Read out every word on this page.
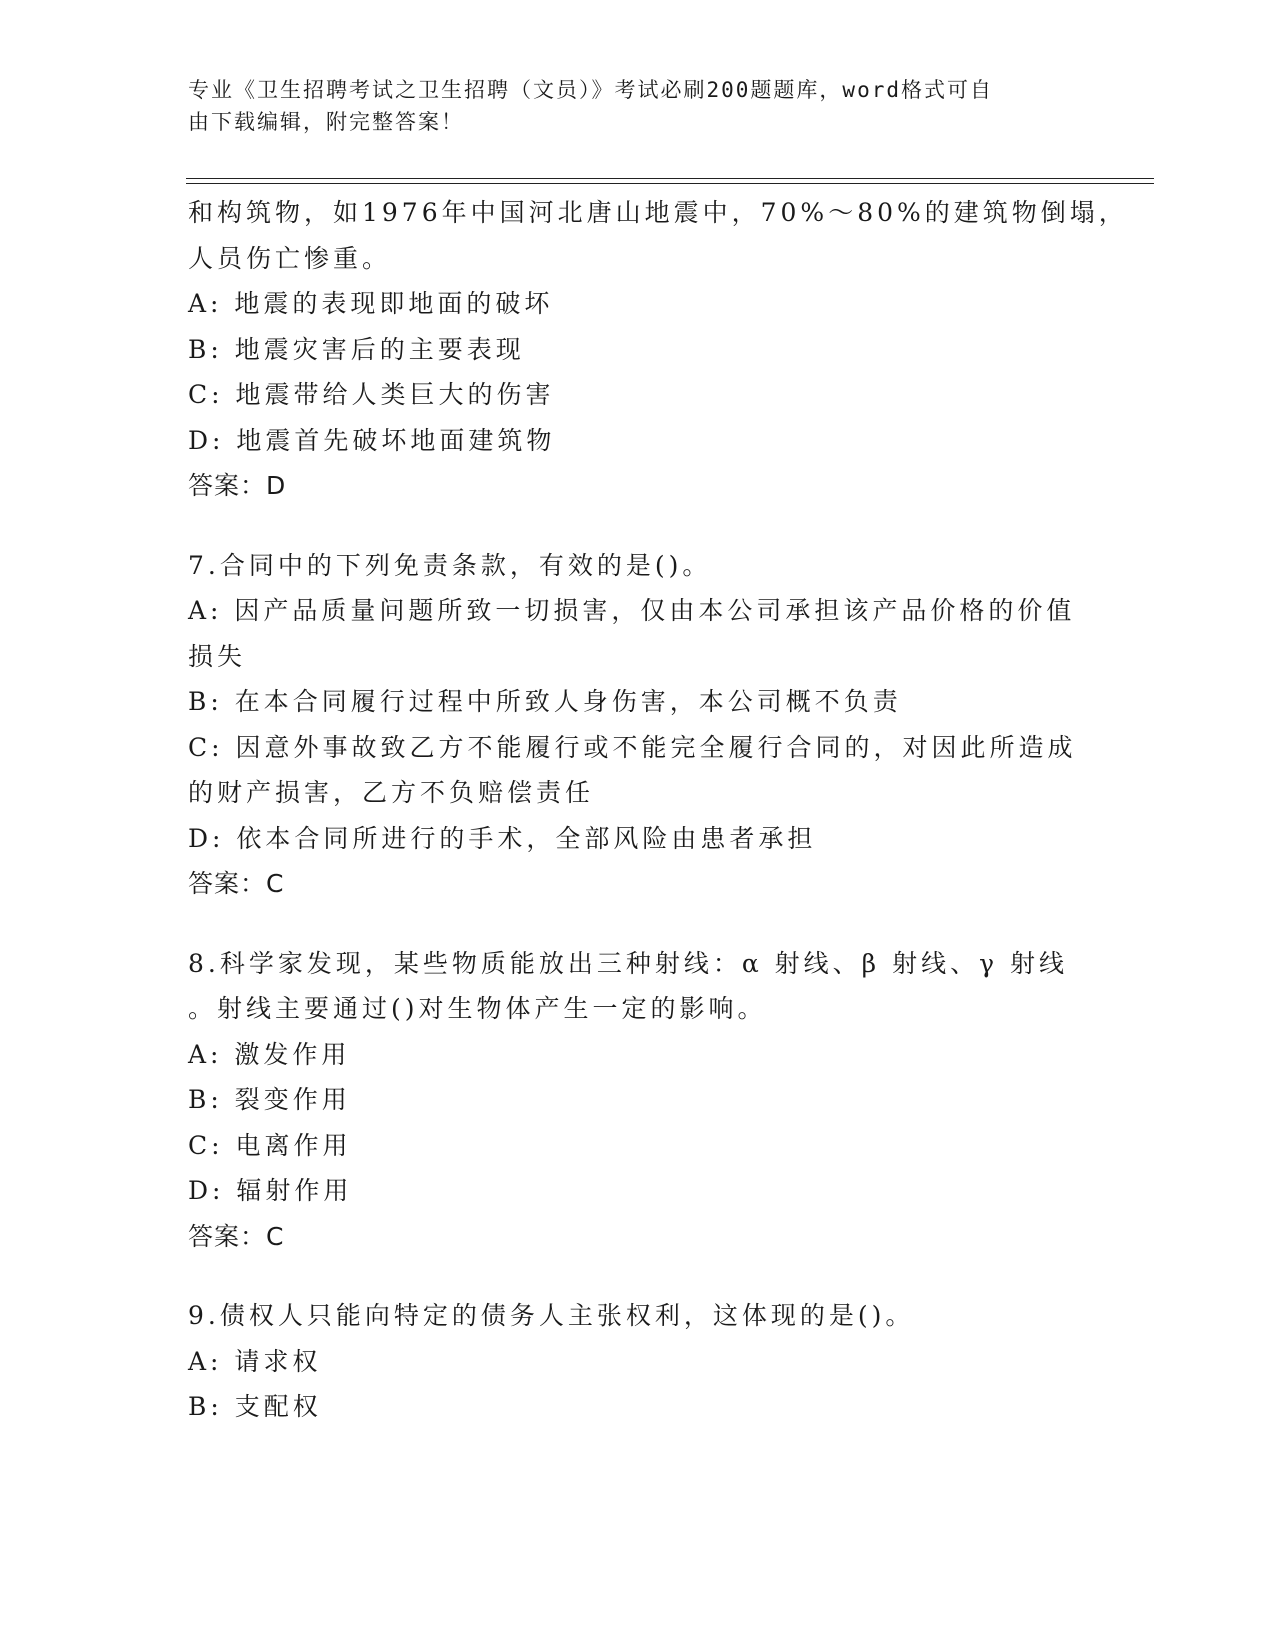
专业《卫生招聘考试之卫生招聘（文员）》考试必刷200题题库，word格式可自
由下载编辑，附完整答案！
和构筑物，如1976年中国河北唐山地震中，70%～80%的建筑物倒塌，
人员伤亡惨重。
A: 地震的表现即地面的破坏
B: 地震灾害后的主要表现
C: 地震带给人类巨大的伤害
D: 地震首先破坏地面建筑物
答案：D
7.合同中的下列免责条款，有效的是()。
A: 因产品质量问题所致一切损害，仅由本公司承担该产品价格的价值
损失
B: 在本合同履行过程中所致人身伤害，本公司概不负责
C: 因意外事故致乙方不能履行或不能完全履行合同的，对因此所造成
的财产损害，乙方不负赔偿责任
D: 依本合同所进行的手术，全部风险由患者承担
答案：C
8.科学家发现，某些物质能放出三种射线：α 射线、β 射线、γ 射线
。射线主要通过()对生物体产生一定的影响。
A: 激发作用
B: 裂变作用
C: 电离作用
D: 辐射作用
答案：C
9.债权人只能向特定的债务人主张权利，这体现的是()。
A: 请求权
B: 支配权
